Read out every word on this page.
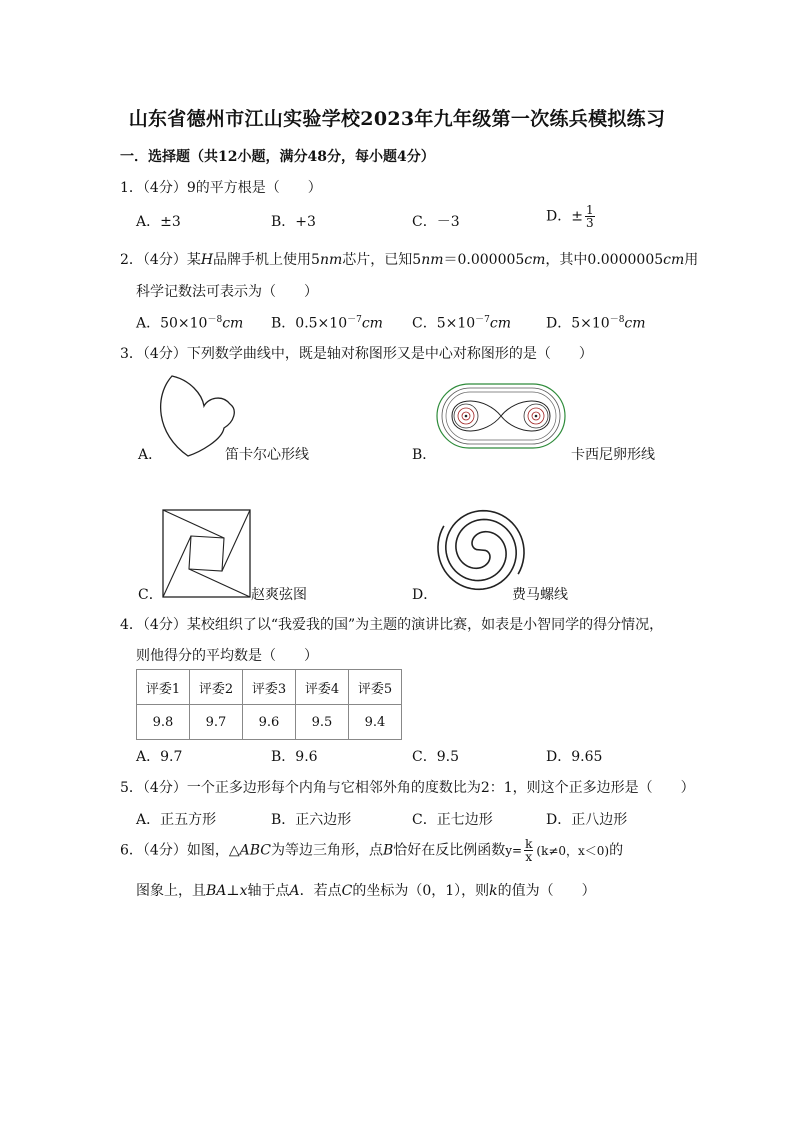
山东省德州市江山实验学校2023年九年级第一次练兵模拟练习
一．选择题（共12小题，满分48分，每小题4分）
1．（4分）9的平方根是（　　）
A．±3	B．+3	C．－3	D．± $\frac{1}{3}$
2．（4分）某H品牌手机上使用5nm芯片，已知5nm＝0.000005cm，其中0.0000005cm用
科学记数法可表示为（　　）
A．$50\times 10^{-8}cm$ B．$0.5\times 10^{-7}cm$ C．$5\times 10^{-7}cm$ D．$5\times 10^{-8}cm$
3．（4分）下列数学曲线中，既是轴对称图形又是中心对称图形的是（　　）
A．	笛卡尔心形线	B．	卡西尼卵形线
C．	赵爽弦图	D．	费马螺线
4．（4分）某校组织了以“我爱我的国”为主题的演讲比赛，如表是小智同学的得分情况，
则他得分的平均数是（　　）
评委1	评委2	评委3	评委4	评委5
9.8	9.7	9.6	9.5	9.4
A．9.7	B．9.6	C．9.5	D．9.65
5．（4分）一个正多边形每个内角与它相邻外角的度数比为2：1，则这个正多边形是（　　）
A．正五方形	B．正六边形	C．正七边形	D．正八边形
6．（4分）如图，△ABC为等边三角形，点B恰好在反比例函数$y= \frac{k}{x} (k\ne 0$，x＜0)的
图象上，且BA⊥x轴于点A．若点C的坐标为（0，1），则k的值为（　　）
